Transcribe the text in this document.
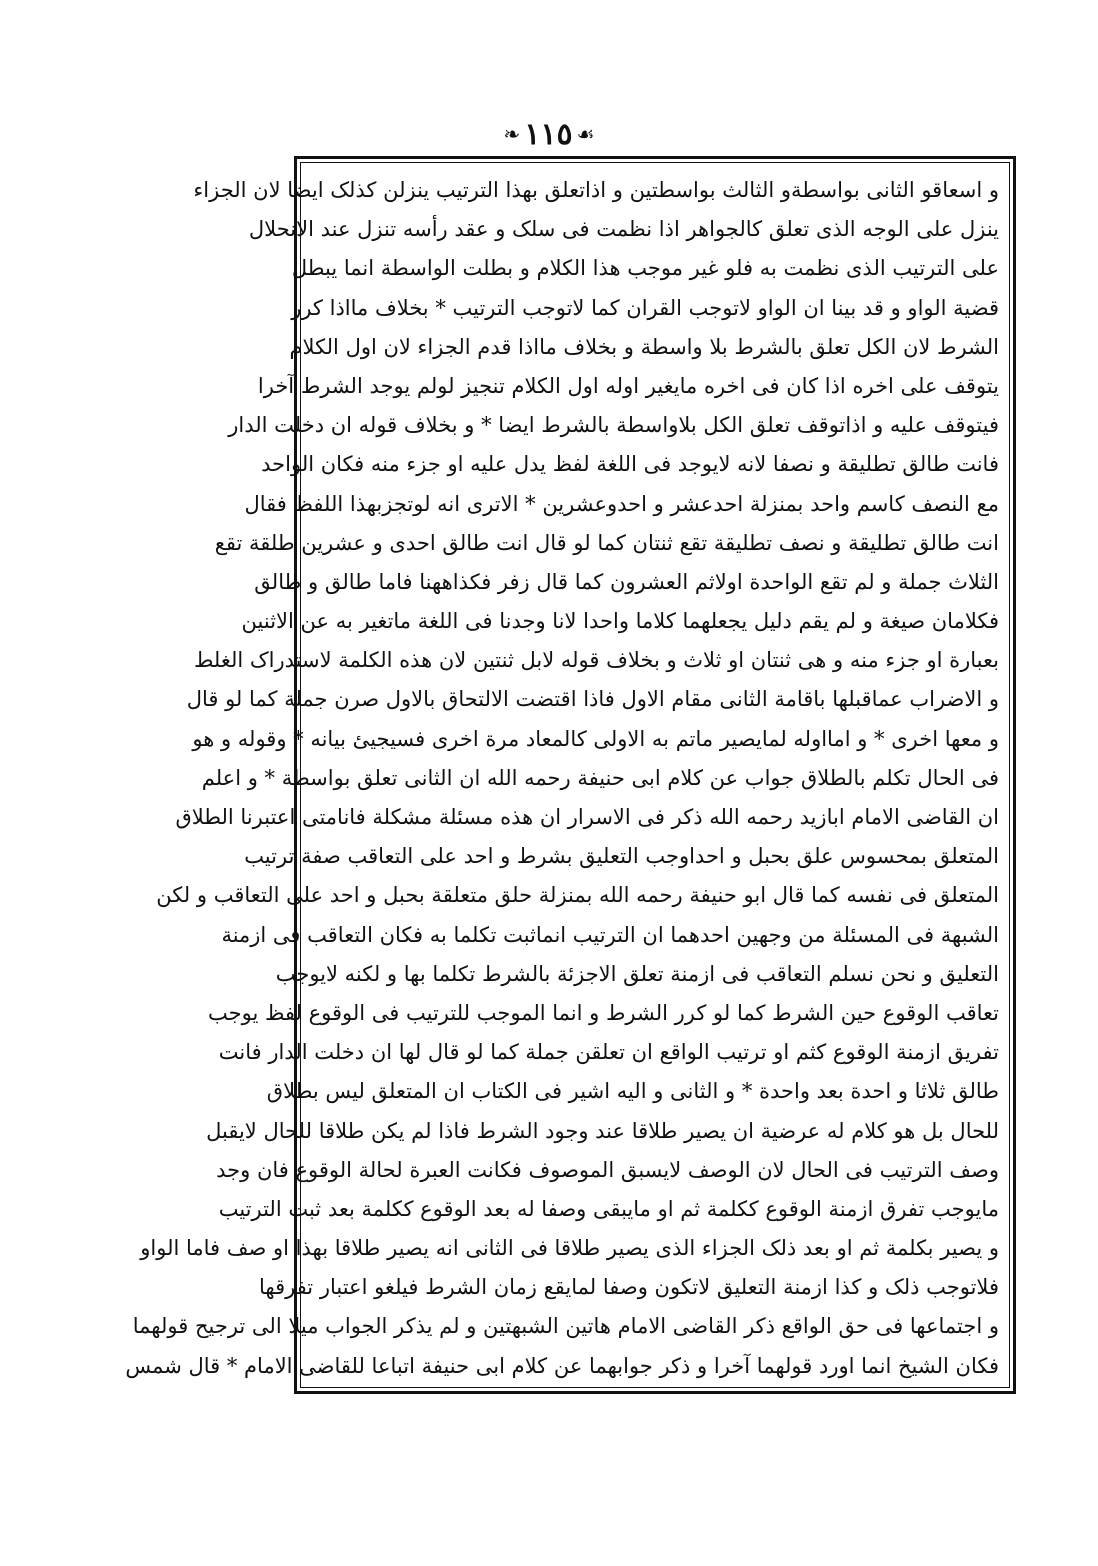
☙
١١٥
❧
و اسعاقو الثانی بواسطةو الثالث بواسطتین و اذاتعلق بهذا الترتیب ینزلن کذلک ایضا لان الجزاء
ینزل علی الوجه الذی تعلق کالجواهر اذا نظمت فی سلک و عقد رأسه تنزل عند الانحلال
علی الترتیب الذی نظمت به فلو غیر موجب هذا الکلام و بطلت الواسطة انما یبطل
قضیة الواو و قد بینا ان الواو لاتوجب القران کما لاتوجب الترتیب * بخلاف مااذا کرر
الشرط لان الکل تعلق بالشرط بلا واسطة و بخلاف مااذا قدم الجزاء لان اول الکلام
یتوقف علی اخره اذا کان فی اخره مایغیر اوله اول الکلام تنجیز لولم یوجد الشرط آخرا
فیتوقف علیه و اذاتوقف تعلق الکل بلاواسطة بالشرط ایضا * و بخلاف قوله ان دخلت الدار
فانت طالق تطلیقة و نصفا لانه لایوجد فی اللغة لفظ یدل علیه او جزء منه فکان الواحد
مع النصف کاسم واحد بمنزلة احدعشر و احدوعشرین * الاتری انه لوتجزبهذا اللفظ فقال
انت طالق تطلیقة و نصف تطلیقة تقع ثنتان کما لو قال انت طالق احدی و عشرین طلقة تقع
الثلاث جملة و لم تقع الواحدة اولاثم العشرون کما قال زفر فکذاههنا فاما طالق و طالق
فکلامان صیغة و لم یقم دلیل یجعلهما کلاما واحدا لانا وجدنا فی اللغة ماتغیر به عن الاثنین
بعبارة او جزء منه و هی ثنتان او ثلاث و بخلاف قوله لابل ثنتین لان هذه الکلمة لاستدراک الغلط
و الاضراب عماقبلها باقامة الثانی مقام الاول فاذا اقتضت الالتحاق بالاول صرن جملة کما لو قال
و معها اخری * و امااوله لمایصیر ماتم به الاولی کالمعاد مرة اخری فسیجیئ بیانه * وقوله و هو
فی الحال تکلم بالطلاق جواب عن کلام ابی حنیفة رحمه الله ان الثانی تعلق بواسطة * و اعلم
ان القاضی الامام ابازید رحمه الله ذکر فی الاسرار ان هذه مسئلة مشکلة فانامتی اعتبرنا الطلاق
المتعلق بمحسوس علق بحبل و احداوجب التعلیق بشرط و احد علی التعاقب صفة ترتیب
المتعلق فی نفسه کما قال ابو حنیفة رحمه الله بمنزلة حلق متعلقة بحبل و احد علی التعاقب و لکن
الشبهة فی المسئلة من وجهین احدهما ان الترتیب انماثبت تکلما به فکان التعاقب فی ازمنة
التعلیق و نحن نسلم التعاقب فی ازمنة تعلق الاجزئة بالشرط تکلما بها و لکنه لایوجب
تعاقب الوقوع حین الشرط کما لو کرر الشرط و انما الموجب للترتیب فی الوقوع لفظ یوجب
تفریق ازمنة الوقوع کثم او ترتیب الواقع ان تعلقن جملة کما لو قال لها ان دخلت الدار فانت
طالق ثلاثا و احدة بعد واحدة * و الثانی و الیه اشیر فی الکتاب ان المتعلق لیس بطلاق
للحال بل هو کلام له عرضیة ان یصیر طلاقا عند وجود الشرط فاذا لم یکن طلاقا للحال لایقبل
وصف الترتیب فی الحال لان الوصف لایسبق الموصوف فکانت العبرة لحالة الوقوع فان وجد
مایوجب تفرق ازمنة الوقوع ککلمة ثم او مایبقی وصفا له بعد الوقوع ککلمة بعد ثبت الترتیب
و یصیر بکلمة ثم او بعد ذلک الجزاء الذی یصیر طلاقا فی الثانی انه یصیر طلاقا بهذا او صف فاما الواو
فلاتوجب ذلک و کذا ازمنة التعلیق لاتکون وصفا لمایقع زمان الشرط فیلغو اعتبار تفرقها
و اجتماعها فی حق الواقع ذکر القاضی الامام هاتین الشبهتین و لم یذکر الجواب میلا الی ترجیح قولهما
فکان الشیخ انما اورد قولهما آخرا و ذکر جوابهما عن کلام ابی حنیفة اتباعا للقاضی الامام * قال شمس
